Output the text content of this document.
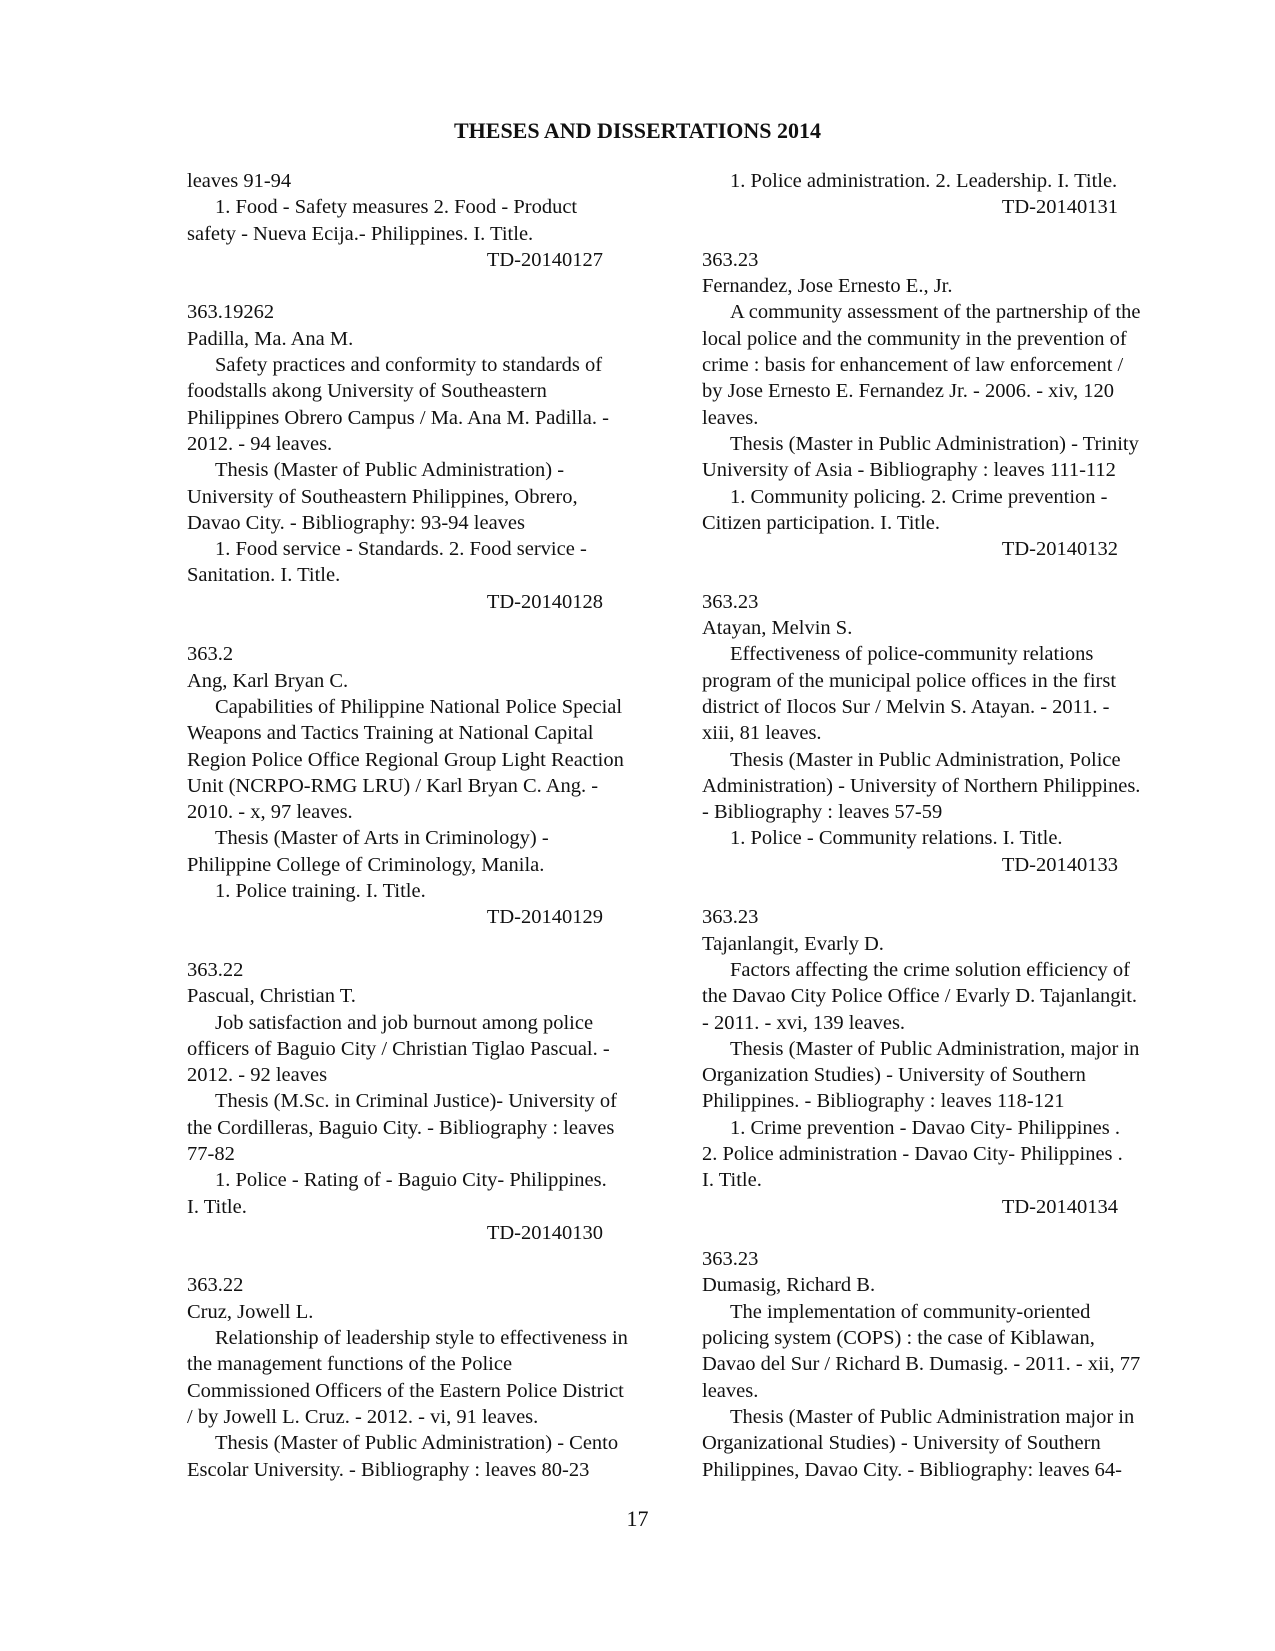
THESES AND DISSERTATIONS 2014
leaves 91-94
1. Food - Safety measures 2. Food - Product
safety - Nueva Ecija.- Philippines. I. Title.
TD-20140127
363.19262
Padilla, Ma. Ana M.
Safety practices and conformity to standards of
foodstalls akong University of Southeastern
Philippines Obrero Campus / Ma. Ana M. Padilla. -
2012. - 94 leaves.
Thesis (Master of Public Administration) -
University of Southeastern Philippines, Obrero,
Davao City. - Bibliography: 93-94 leaves
1. Food service - Standards. 2. Food service -
Sanitation. I. Title.
TD-20140128
363.2
Ang, Karl Bryan C.
Capabilities of Philippine National Police Special
Weapons and Tactics Training at National Capital
Region Police Office Regional Group Light Reaction
Unit (NCRPO-RMG LRU) / Karl Bryan C. Ang. -
2010. - x, 97 leaves.
Thesis (Master of Arts in Criminology) -
Philippine College of Criminology, Manila.
1. Police training. I. Title.
TD-20140129
363.22
Pascual, Christian T.
Job satisfaction and job burnout among police
officers of Baguio City / Christian Tiglao Pascual. -
2012. - 92 leaves
Thesis (M.Sc. in Criminal Justice)- University of
the Cordilleras, Baguio City. - Bibliography : leaves
77-82
1. Police - Rating of - Baguio City- Philippines.
I. Title.
TD-20140130
363.22
Cruz, Jowell L.
Relationship of leadership style to effectiveness in
the management functions of the Police
Commissioned Officers of the Eastern Police District
/ by Jowell L. Cruz. - 2012. - vi, 91 leaves.
Thesis (Master of Public Administration) - Cento
Escolar University. - Bibliography : leaves 80-23
1. Police administration. 2. Leadership. I. Title.
TD-20140131
363.23
Fernandez, Jose Ernesto E., Jr.
A community assessment of the partnership of the
local police and the community in the prevention of
crime : basis for enhancement of law enforcement /
by Jose Ernesto E. Fernandez Jr. - 2006. - xiv, 120
leaves.
Thesis (Master in Public Administration) - Trinity
University of Asia - Bibliography : leaves 111-112
1. Community policing. 2. Crime prevention -
Citizen participation. I. Title.
TD-20140132
363.23
Atayan, Melvin S.
Effectiveness of police-community relations
program of the municipal police offices in the first
district of Ilocos Sur / Melvin S. Atayan. - 2011. -
xiii, 81 leaves.
Thesis (Master in Public Administration, Police
Administration) - University of Northern Philippines.
- Bibliography : leaves 57-59
1. Police - Community relations. I. Title.
TD-20140133
363.23
Tajanlangit, Evarly D.
Factors affecting the crime solution efficiency of
the Davao City Police Office / Evarly D. Tajanlangit.
- 2011. - xvi, 139 leaves.
Thesis (Master of Public Administration, major in
Organization Studies) - University of Southern
Philippines. - Bibliography : leaves 118-121
1. Crime prevention - Davao City- Philippines .
2. Police administration - Davao City- Philippines .
I. Title.
TD-20140134
363.23
Dumasig, Richard B.
The implementation of community-oriented
policing system (COPS) : the case of Kiblawan,
Davao del Sur / Richard B. Dumasig. - 2011. - xii, 77
leaves.
Thesis (Master of Public Administration major in
Organizational Studies) - University of Southern
Philippines, Davao City. - Bibliography: leaves 64-
17
